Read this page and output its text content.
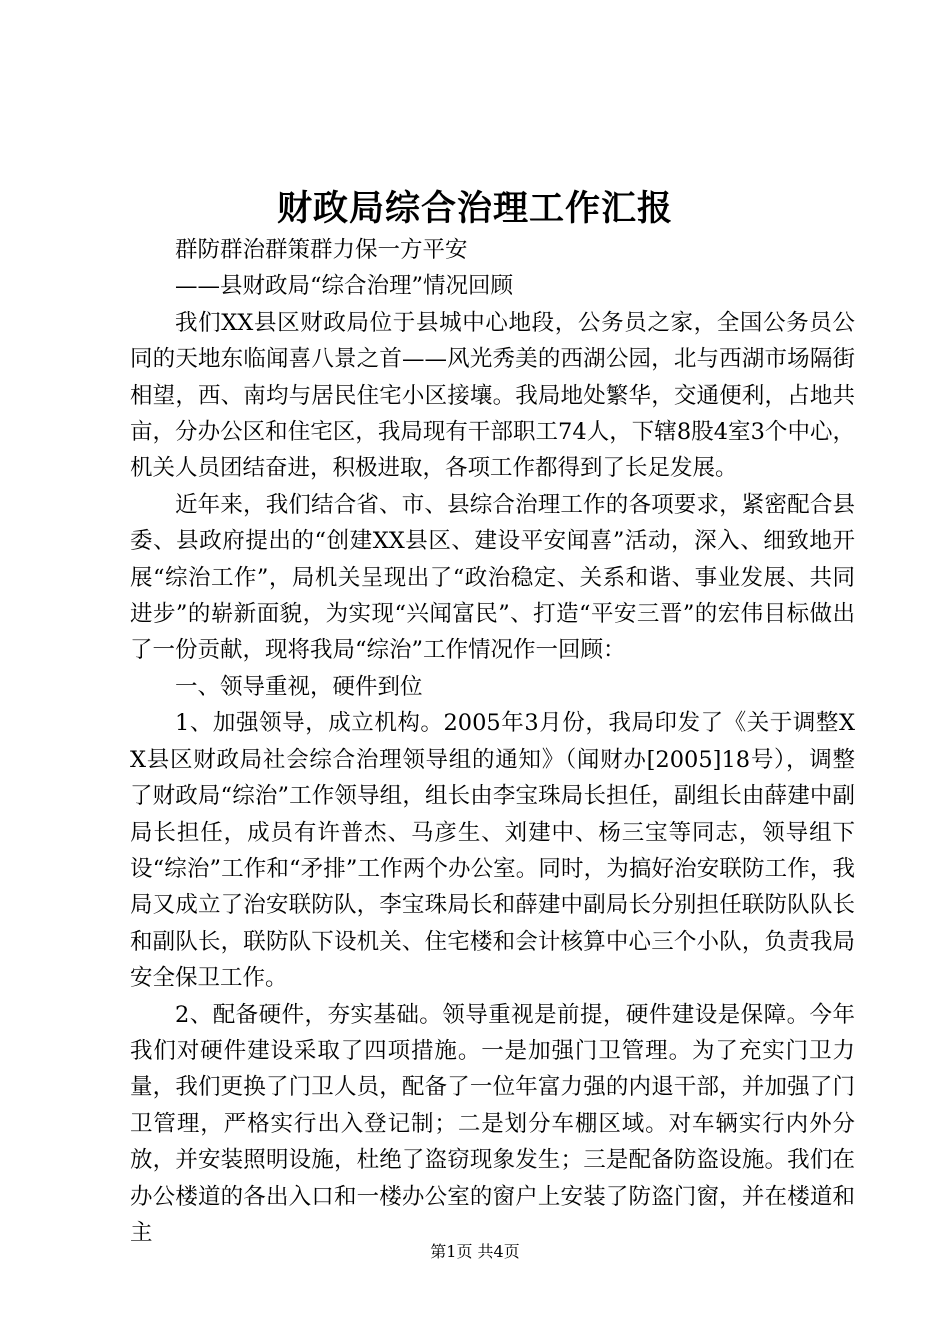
财政局综合治理工作汇报

群防群治群策群力保一方平安

——县财政局“综合治理”情况回顾

我们XX县区财政局位于县城中心地段，公务员之家，全国公务员公同的天地东临闻喜八景之首——风光秀美的西湖公园，北与西湖市场隔街相望，西、南均与居民住宅小区接壤。我局地处繁华，交通便利，占地共亩，分办公区和住宅区，我局现有干部职工74人，下辖8股4室3个中心，机关人员团结奋进，积极进取，各项工作都得到了长足发展。

近年来，我们结合省、市、县综合治理工作的各项要求，紧密配合县委、县政府提出的“创建XX县区、建设平安闻喜”活动，深入、细致地开展“综治工作”，局机关呈现出了“政治稳定、关系和谐、事业发展、共同进步”的崭新面貌，为实现“兴闻富民”、打造“平安三晋”的宏伟目标做出了一份贡献，现将我局“综治”工作情况作一回顾：

一、领导重视，硬件到位

1、加强领导，成立机构。2005年3月份，我局印发了《关于调整XX县区财政局社会综合治理领导组的通知》（闻财办[2005]18号），调整了财政局“综治”工作领导组，组长由李宝珠局长担任，副组长由薛建中副局长担任，成员有许普杰、马彦生、刘建中、杨三宝等同志，领导组下设“综治”工作和“矛排”工作两个办公室。同时，为搞好治安联防工作，我局又成立了治安联防队，李宝珠局长和薛建中副局长分别担任联防队队长和副队长，联防队下设机关、住宅楼和会计核算中心三个小队，负责我局安全保卫工作。

2、配备硬件，夯实基础。领导重视是前提，硬件建设是保障。今年我们对硬件建设采取了四项措施。一是加强门卫管理。为了充实门卫力量，我们更换了门卫人员，配备了一位年富力强的内退干部，并加强了门卫管理，严格实行出入登记制；二是划分车棚区域。对车辆实行内外分放，并安装照明设施，杜绝了盗窃现象发生；三是配备防盗设施。我们在办公楼道的各出入口和一楼办公室的窗户上安装了防盗门窗，并在楼道和主

第1页 共4页
